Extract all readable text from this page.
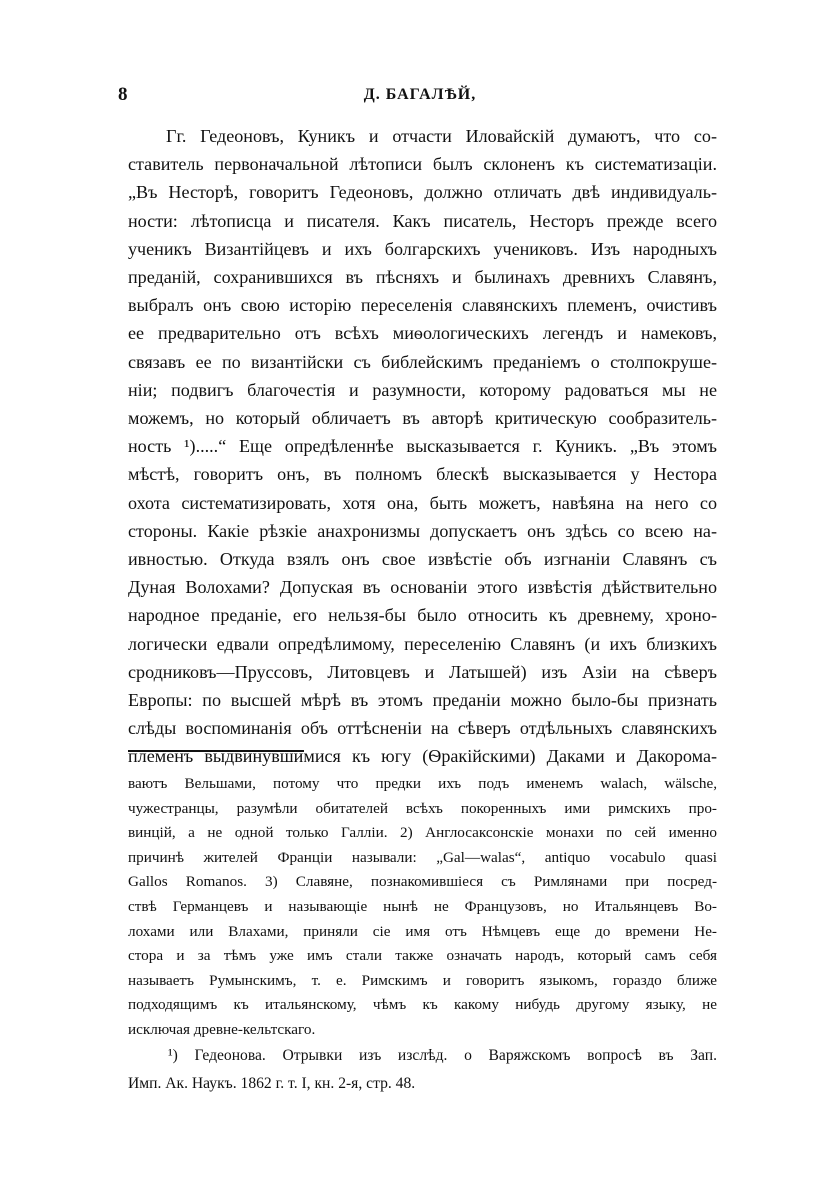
8	Д. БАГАЛѢЙ,
Гг. Гедеоновъ, Куникъ и отчасти Иловайскій думаютъ, что со-
ставитель первоначальной лѣтописи былъ склоненъ къ систематизаціи.
„Въ Несторѣ, говоритъ Гедеоновъ, должно отличать двѣ индивидуаль-
ности: лѣтописца и писателя. Какъ писатель, Несторъ прежде всего
ученикъ Византійцевъ и ихъ болгарскихъ учениковъ. Изъ народныхъ
преданій, сохранившихся въ пѣсняхъ и былинахъ древнихъ Славянъ,
выбралъ онъ свою исторію переселенія славянскихъ племенъ, очистивъ
ее предварительно отъ всѣхъ миѳологическихъ легендъ и намековъ,
связавъ ее по византійски съ библейскимъ преданіемъ о столпокруше-
ніи; подвигъ благочестія и разумности, которому радоваться мы не
можемъ, но который обличаетъ въ авторѣ критическую сообразитель-
ность ¹).....“ Еще опредѣленнѣе высказывается г. Куникъ. „Въ этомъ
мѣстѣ, говоритъ онъ, въ полномъ блескѣ высказывается у Нестора
охота систематизировать, хотя она, быть можетъ, навѣяна на него со
стороны. Какіе рѣзкіе анахронизмы допускаетъ онъ здѣсь со всею на-
ивностью. Откуда взялъ онъ свое извѣстіе объ изгнаніи Славянъ съ
Дуная Волохами? Допуская въ основаніи этого извѣстія дѣйствительно
народное преданіе, его нельзя-бы было относить къ древнему, хроно-
логически едвали опредѣлимому, переселенію Славянъ (и ихъ близкихъ
сродниковъ—Пруссовъ, Литовцевъ и Латышей) изъ Азіи на сѣверъ
Европы: по высшей мѣрѣ въ этомъ преданіи можно было-бы признать
слѣды воспоминанія объ оттѣсненіи на сѣверъ отдѣльныхъ славянскихъ
племенъ выдвинувшимися къ югу (Ѳракійскими) Даками и Дакорома-
ваютъ Вельшами, потому что предки ихъ подъ именемъ walach, wälsche,
чужестранцы, разумѣли обитателей всѣхъ покоренныхъ ими римскихъ про-
винцій, а не одной только Галліи. 2) Англосаксонскіе монахи по сей именно
причинѣ жителей Франціи называли: „Gal—walas“, antiquo vocabulo quasi
Gallos Romanos. 3) Славяне, познакомившіеся съ Римлянами при посред-
ствѣ Германцевъ и называющіе нынѣ не Французовъ, но Итальянцевъ Во-
лохами или Влахами, приняли сіе имя отъ Нѣмцевъ еще до времени Не-
стора и за тѣмъ уже имъ стали также означать народъ, который самъ себя
называетъ Румынскимъ, т. е. Римскимъ и говоритъ языкомъ, гораздо ближе
подходящимъ къ итальянскому, чѣмъ къ какому нибудь другому языку, не
исключая древне-кельтскаго.
¹) Гедеонова. Отрывки изъ изслѣд. о Варяжскомъ вопросѣ въ Зап.
Имп. Ак. Наукъ. 1862 г. т. I, кн. 2-я, стр. 48.
